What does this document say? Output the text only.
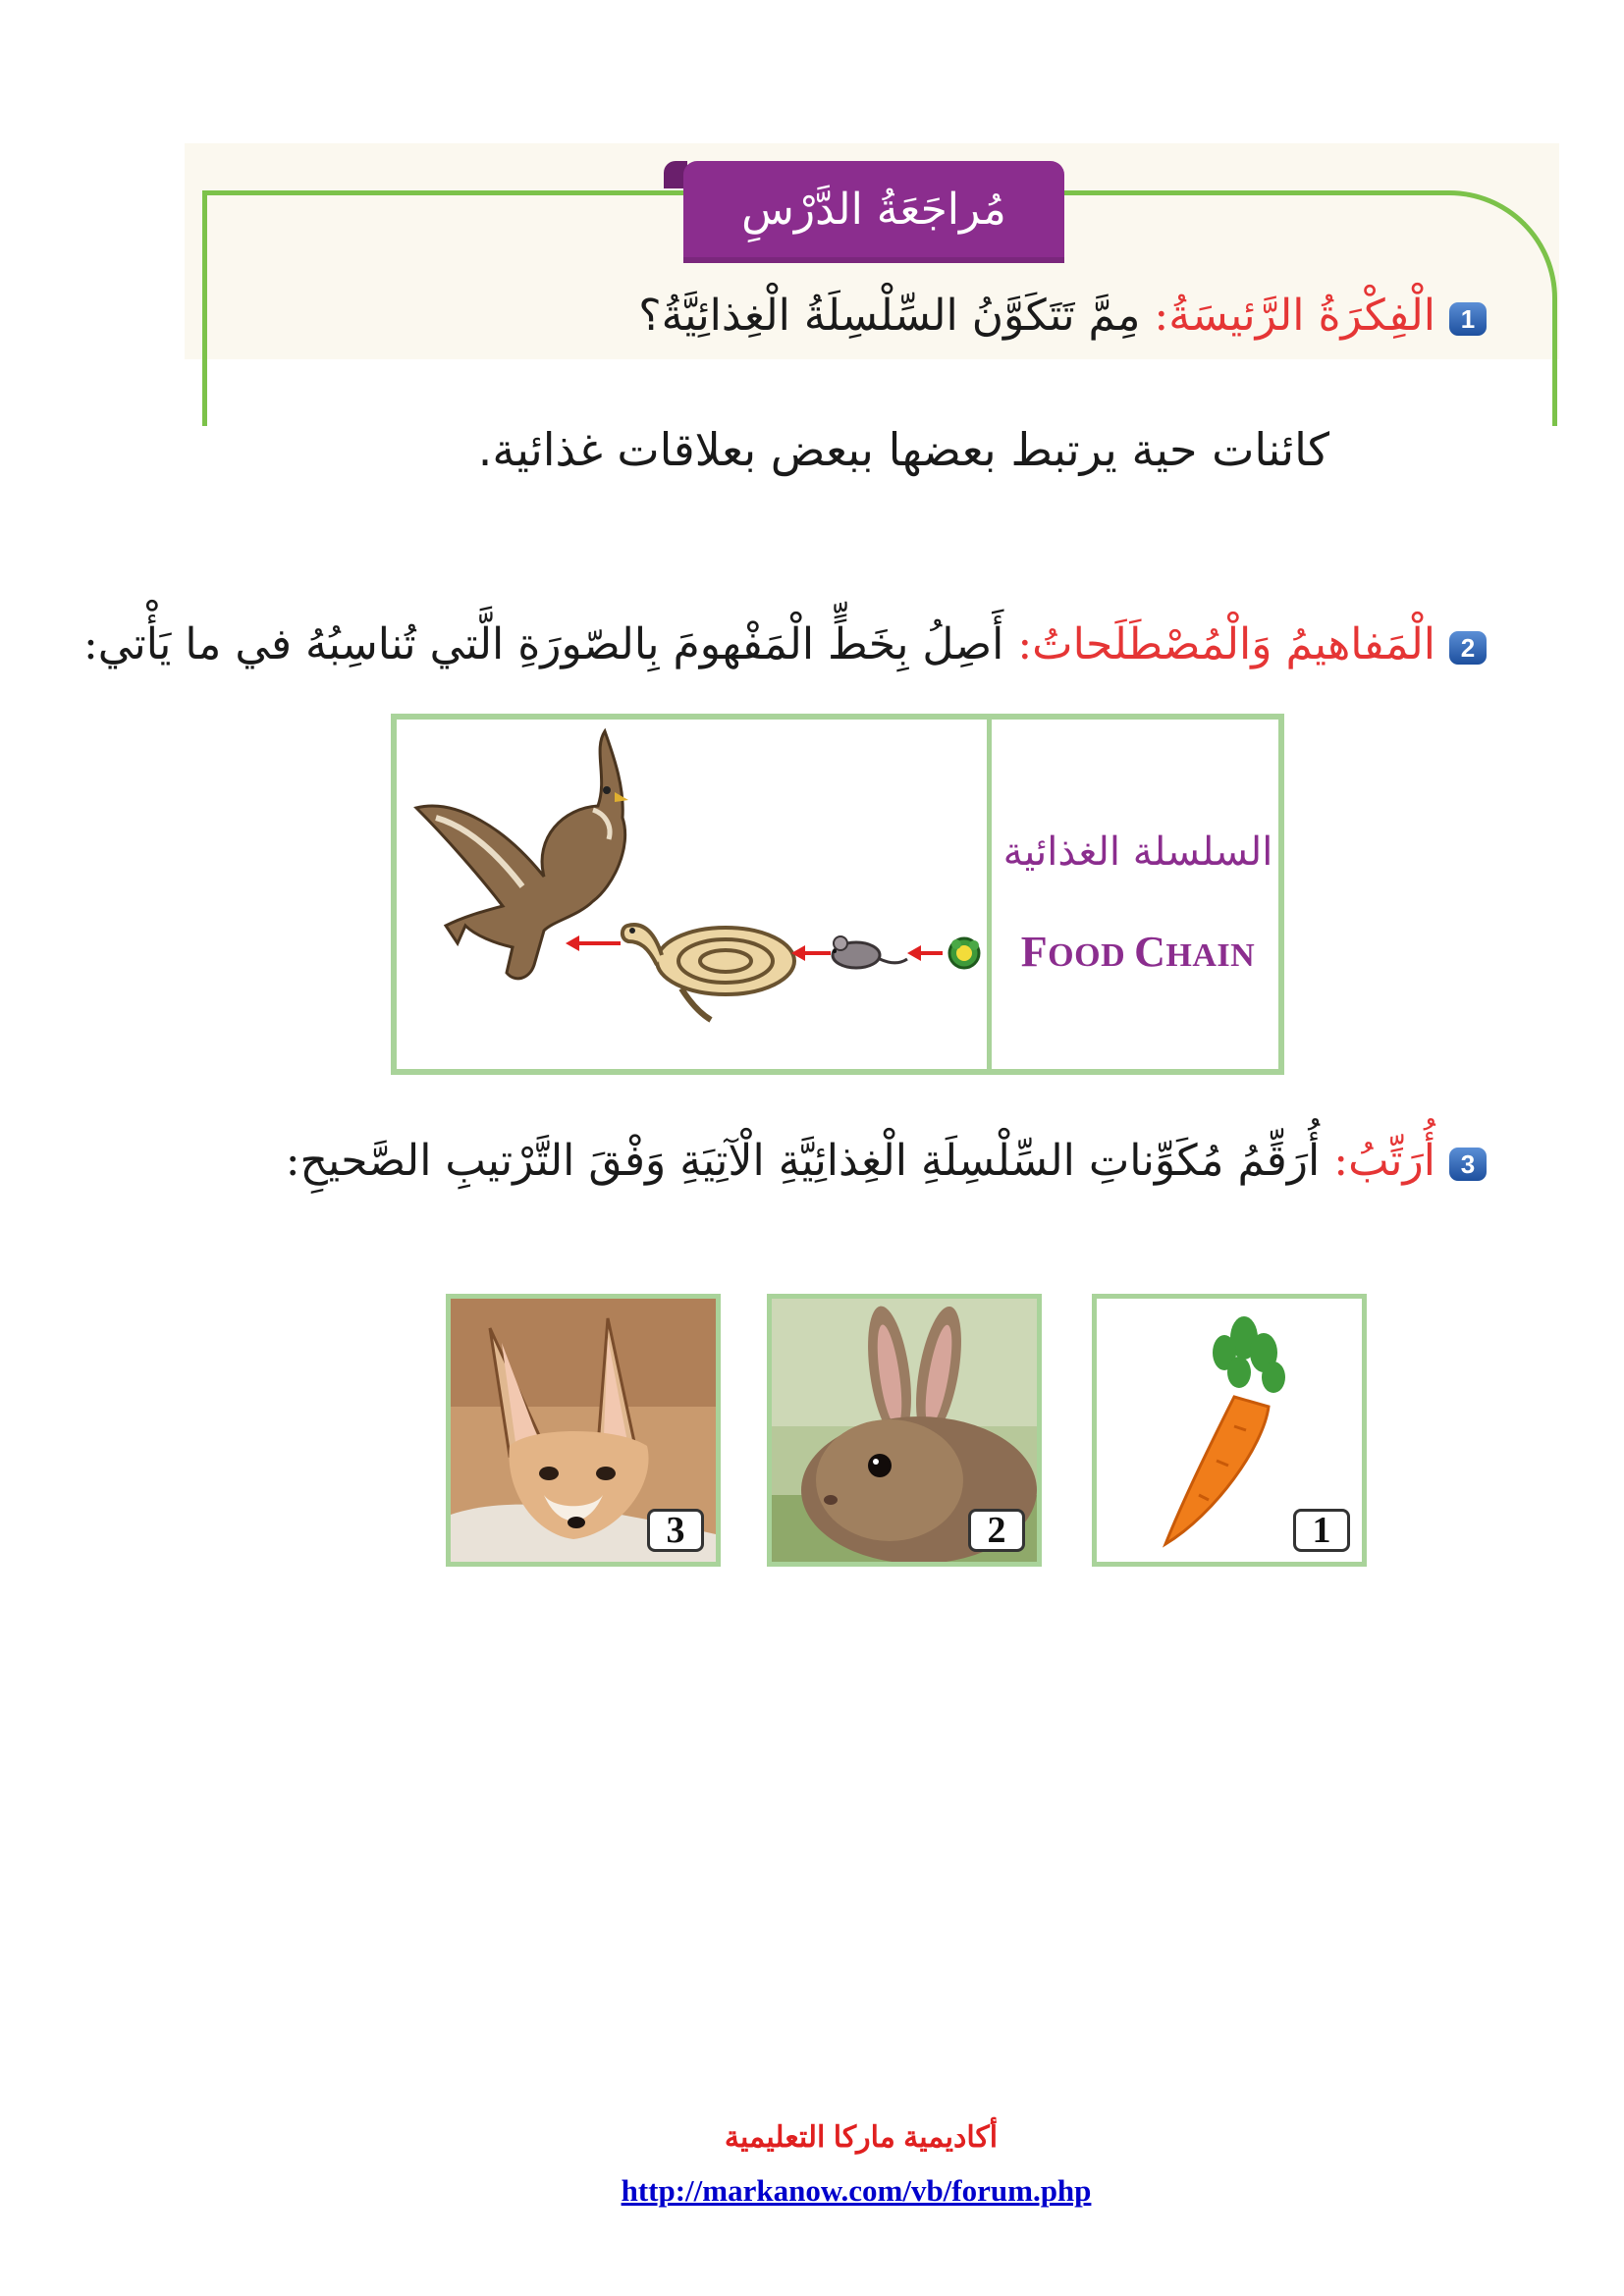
مُراجَعَةُ الدَّرْسِ
1الْفِكْرَةُ الرَّئيسَةُ: مِمَّ تَتَكَوَّنُ السِّلْسِلَةُ الْغِذائِيَّةُ؟
كائنات حية يرتبط بعضها ببعض بعلاقات غذائية.
2الْمَفاهيمُ وَالْمُصْطَلَحاتُ: أَصِلُ بِخَطٍّ الْمَفْهومَ بِالصّورَةِ الَّتي تُناسِبُهُ في ما يَأْتي:
السلسلة الغذائية
FOOD CHAIN
3أُرَتِّبُ: أُرَقِّمُ مُكَوِّناتِ السِّلْسِلَةِ الْغِذائِيَّةِ الْآتِيَةِ وَفْقَ التَّرْتيبِ الصَّحيحِ:
3	2	1
أكاديمية ماركا التعليمية
http://markanow.com/vb/forum.php
